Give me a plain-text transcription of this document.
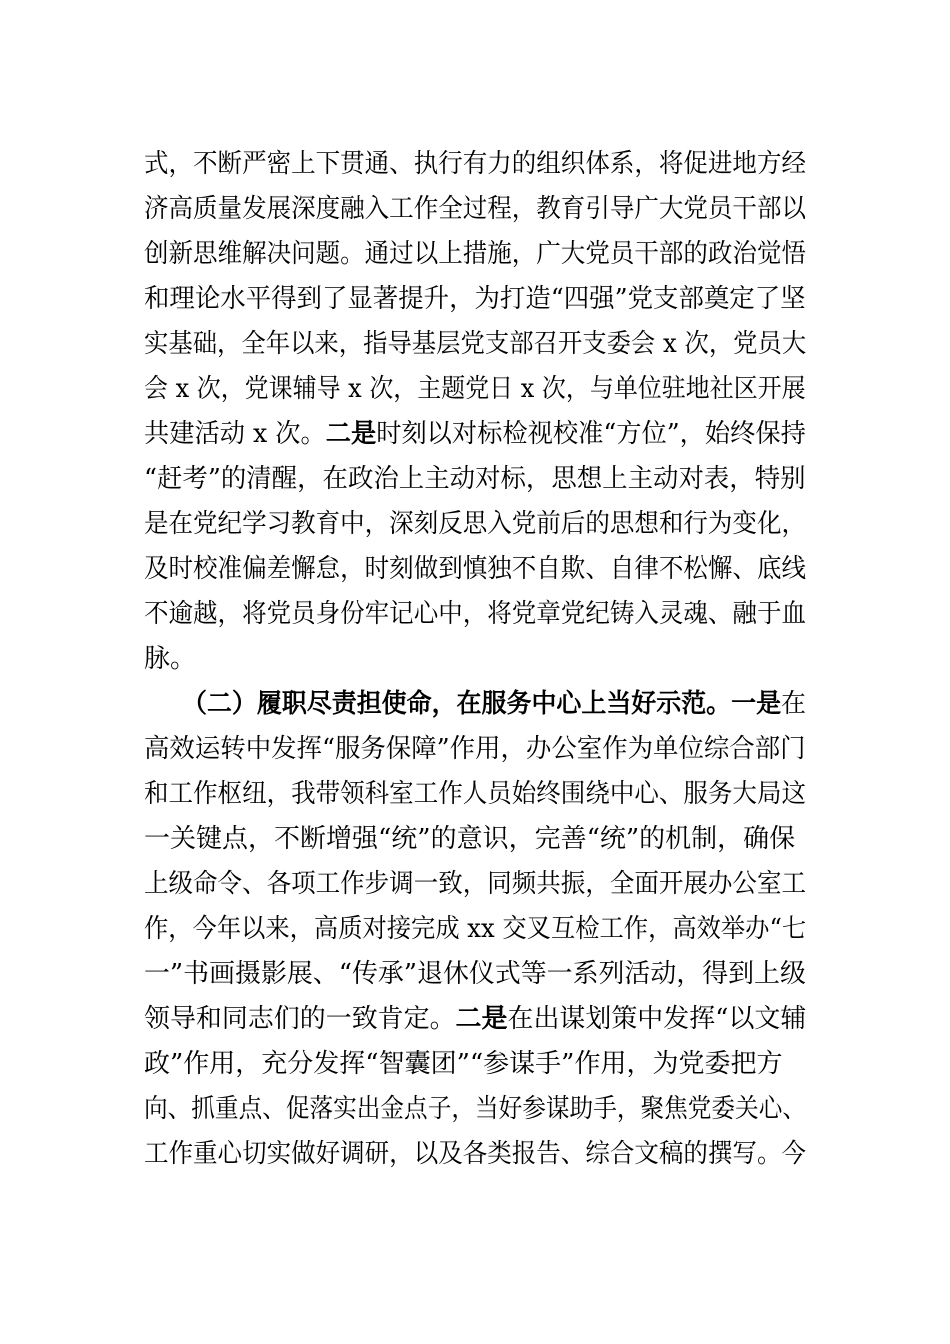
式，不断严密上下贯通、执行有力的组织体系，将促进地方经

济高质量发展深度融入工作全过程，教育引导广大党员干部以

创新思维解决问题。通过以上措施，广大党员干部的政治觉悟

和理论水平得到了显著提升，为打造“四强”党支部奠定了坚

实基础，全年以来，指导基层党支部召开支委会 x 次，党员大

会 x 次，党课辅导 x 次，主题党日 x 次，与单位驻地社区开展

共建活动 x 次。二是时刻以对标检视校准“方位”，始终保持

“赶考”的清醒，在政治上主动对标，思想上主动对表，特别

是在党纪学习教育中，深刻反思入党前后的思想和行为变化，

及时校准偏差懈怠，时刻做到慎独不自欺、自律不松懈、底线

不逾越，将党员身份牢记心中，将党章党纪铸入灵魂、融于血

脉。

（二）履职尽责担使命，在服务中心上当好示范。一是在

高效运转中发挥“服务保障”作用，办公室作为单位综合部门

和工作枢纽，我带领科室工作人员始终围绕中心、服务大局这

一关键点，不断增强“统”的意识，完善“统”的机制，确保

上级命令、各项工作步调一致，同频共振，全面开展办公室工

作，今年以来，高质对接完成 xx 交叉互检工作，高效举办“七

一”书画摄影展、“传承”退休仪式等一系列活动，得到上级

领导和同志们的一致肯定。二是在出谋划策中发挥“以文辅

政”作用，充分发挥“智囊团”“参谋手”作用，为党委把方

向、抓重点、促落实出金点子，当好参谋助手，聚焦党委关心、

工作重心切实做好调研，以及各类报告、综合文稿的撰写。今
